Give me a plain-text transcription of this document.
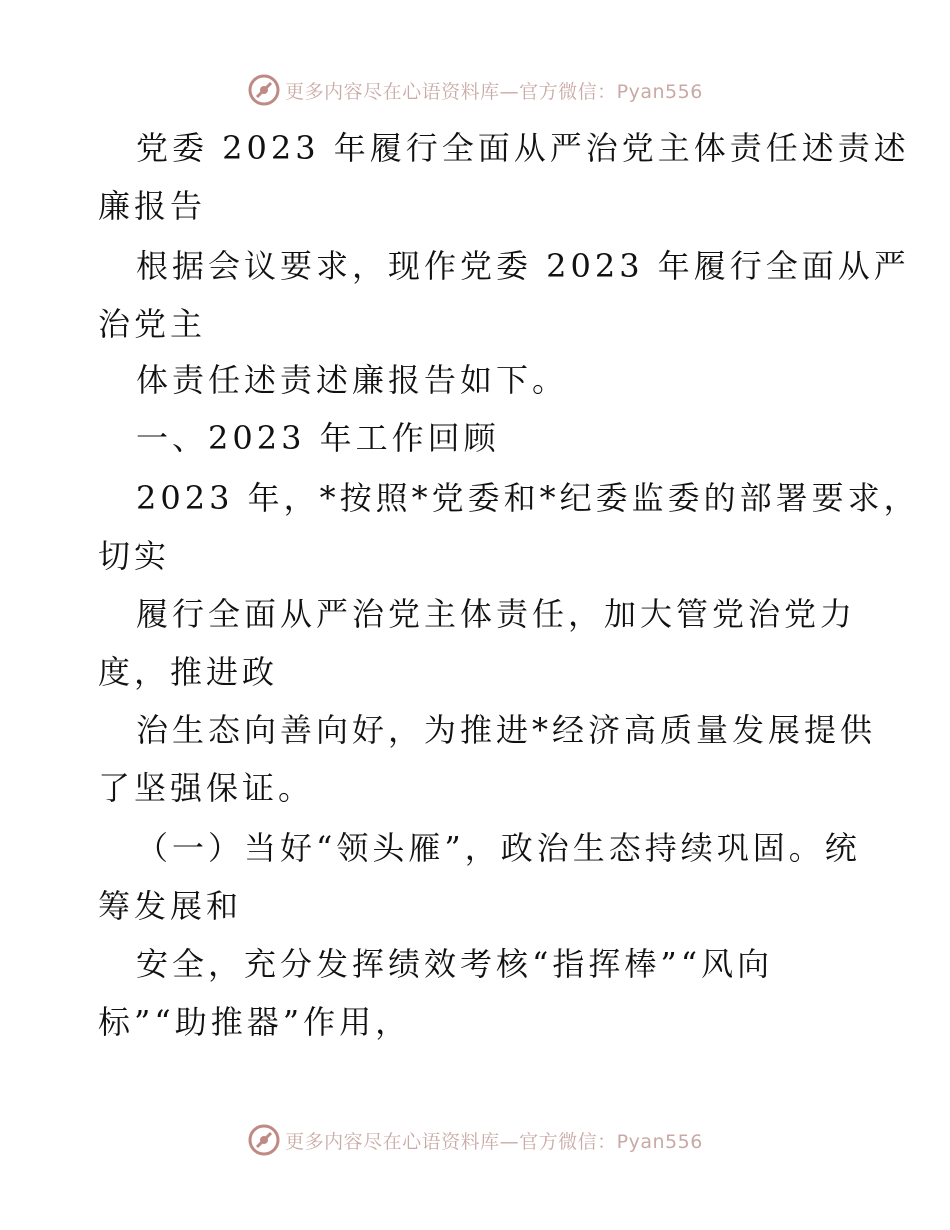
更多内容尽在心语资料库—官方微信：Pyan556

党委 2023 年履行全面从严治党主体责任述责述

廉报告

根据会议要求，现作党委 2023 年履行全面从严

治党主

体责任述责述廉报告如下。

一、2023 年工作回顾

2023 年，*按照*党委和*纪委监委的部署要求，

切实

履行全面从严治党主体责任，加大管党治党力

度，推进政

治生态向善向好，为推进*经济高质量发展提供

了坚强保证。

（一）当好“领头雁”，政治生态持续巩固。统

筹发展和

安全，充分发挥绩效考核“指挥棒”“风向

标”“助推器”作用，

更多内容尽在心语资料库—官方微信：Pyan556
